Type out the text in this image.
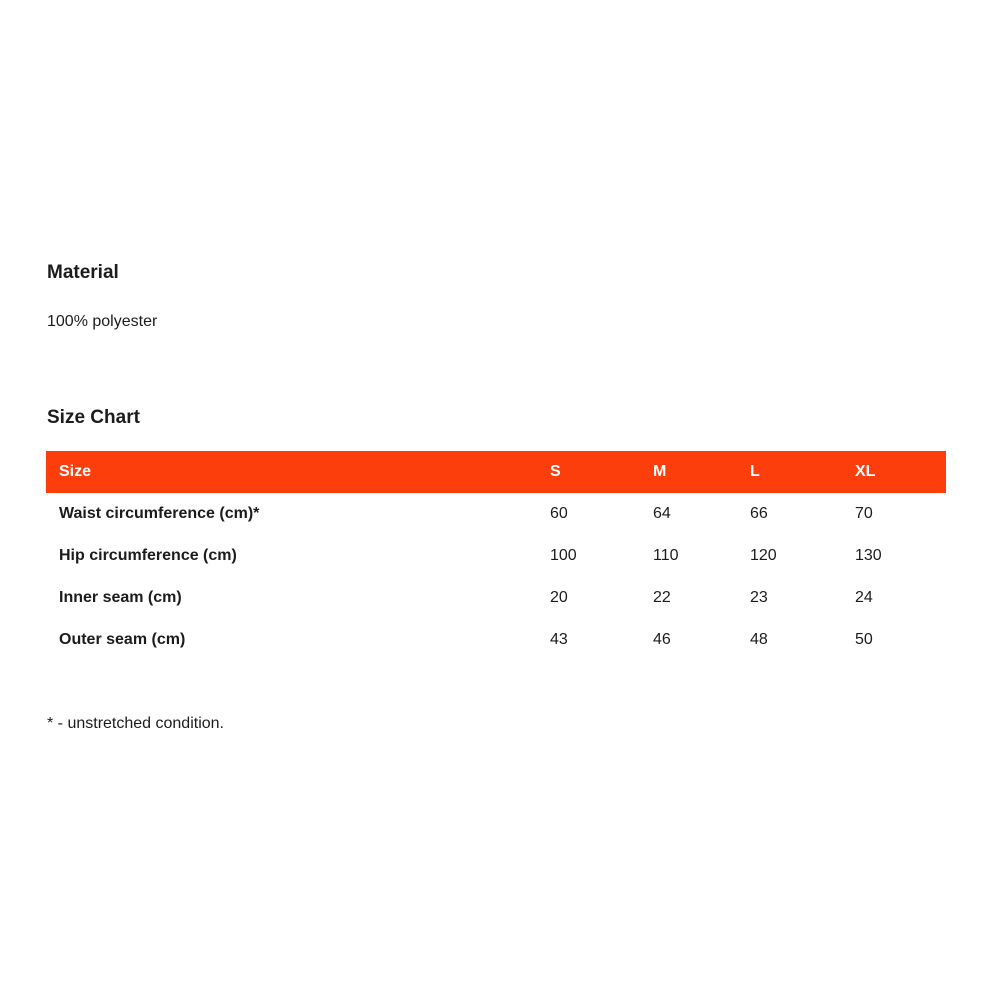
Material

100% polyester

Size Chart
Size	S	M	L	XL
Waist circumference (cm)*	60	64	66	70
Hip circumference (cm)	100	110	120	130
Inner seam (cm)	20	22	23	24
Outer seam (cm)	43	46	48	50

* - unstretched condition.
